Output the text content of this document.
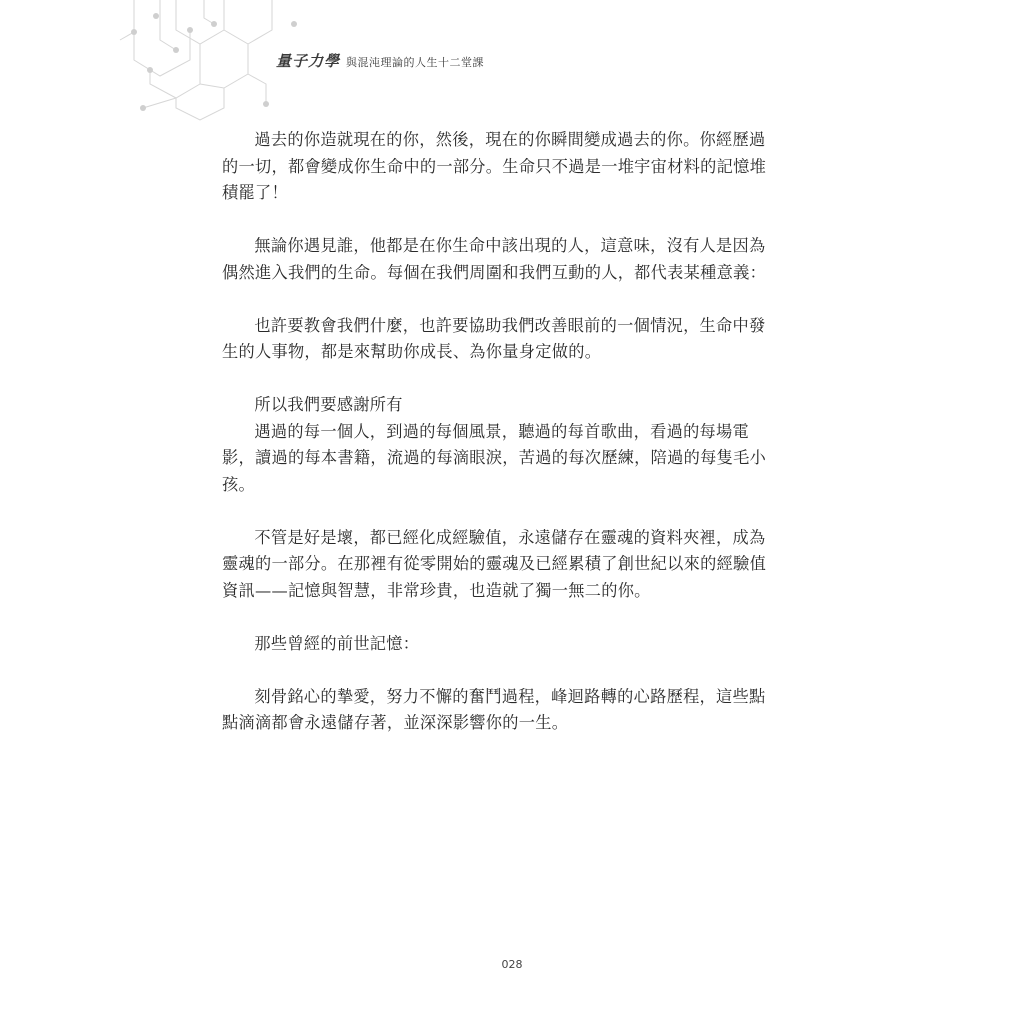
量子力學 與混沌理論的人生十二堂課

過去的你造就現在的你，然後，現在的你瞬間變成過去的你。你經歷過的一切，都會變成你生命中的一部分。生命只不過是一堆宇宙材料的記憶堆積罷了！

無論你遇見誰，他都是在你生命中該出現的人，這意味，沒有人是因為偶然進入我們的生命。每個在我們周圍和我們互動的人，都代表某種意義：

也許要教會我們什麼，也許要協助我們改善眼前的一個情況，生命中發生的人事物，都是來幫助你成長、為你量身定做的。

所以我們要感謝所有

遇過的每一個人，到過的每個風景，聽過的每首歌曲，看過的每場電影，讀過的每本書籍，流過的每滴眼淚，苦過的每次歷練，陪過的每隻毛小孩。

不管是好是壞，都已經化成經驗值，永遠儲存在靈魂的資料夾裡，成為靈魂的一部分。在那裡有從零開始的靈魂及已經累積了創世紀以來的經驗值資訊——記憶與智慧，非常珍貴，也造就了獨一無二的你。

那些曾經的前世記憶：

刻骨銘心的摯愛，努力不懈的奮鬥過程，峰迴路轉的心路歷程，這些點點滴滴都會永遠儲存著，並深深影響你的一生。

028
